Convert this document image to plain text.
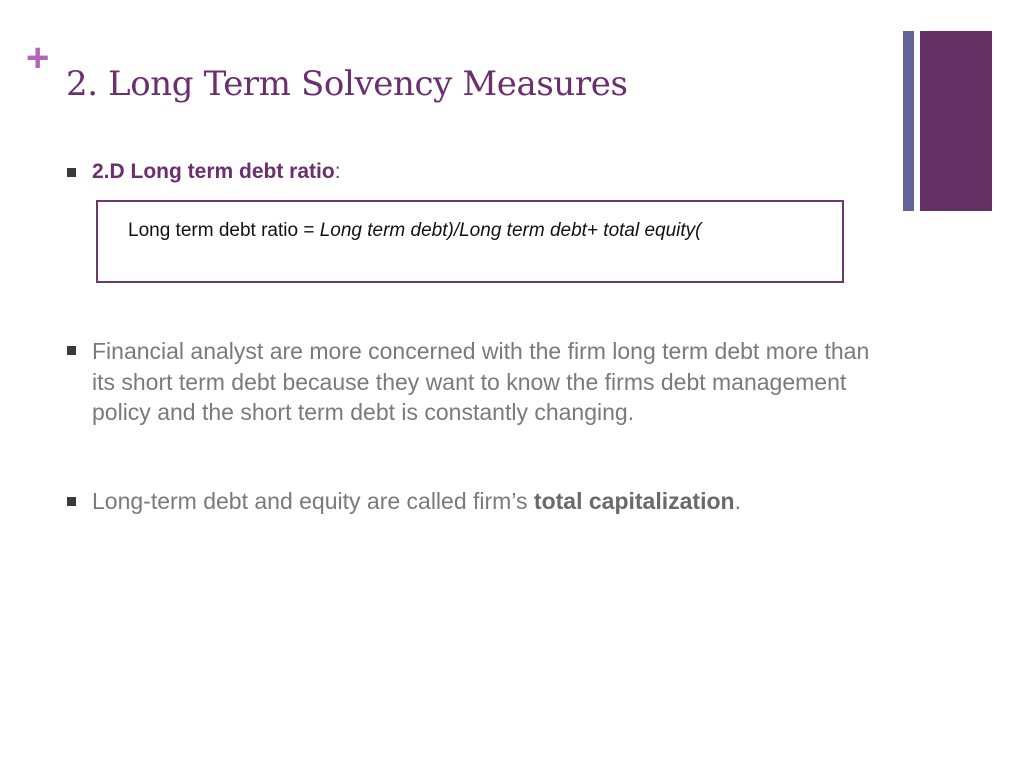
+
2. Long Term Solvency Measures
2.D Long term debt ratio:
Long term debt ratio = Long term debt)/Long term debt+ total equity(

Financial analyst are more concerned with the firm long term debt more than its short term debt because they want to know the firms debt management policy and the short term debt is constantly changing.

Long-term debt and equity are called firm’s total capitalization.
